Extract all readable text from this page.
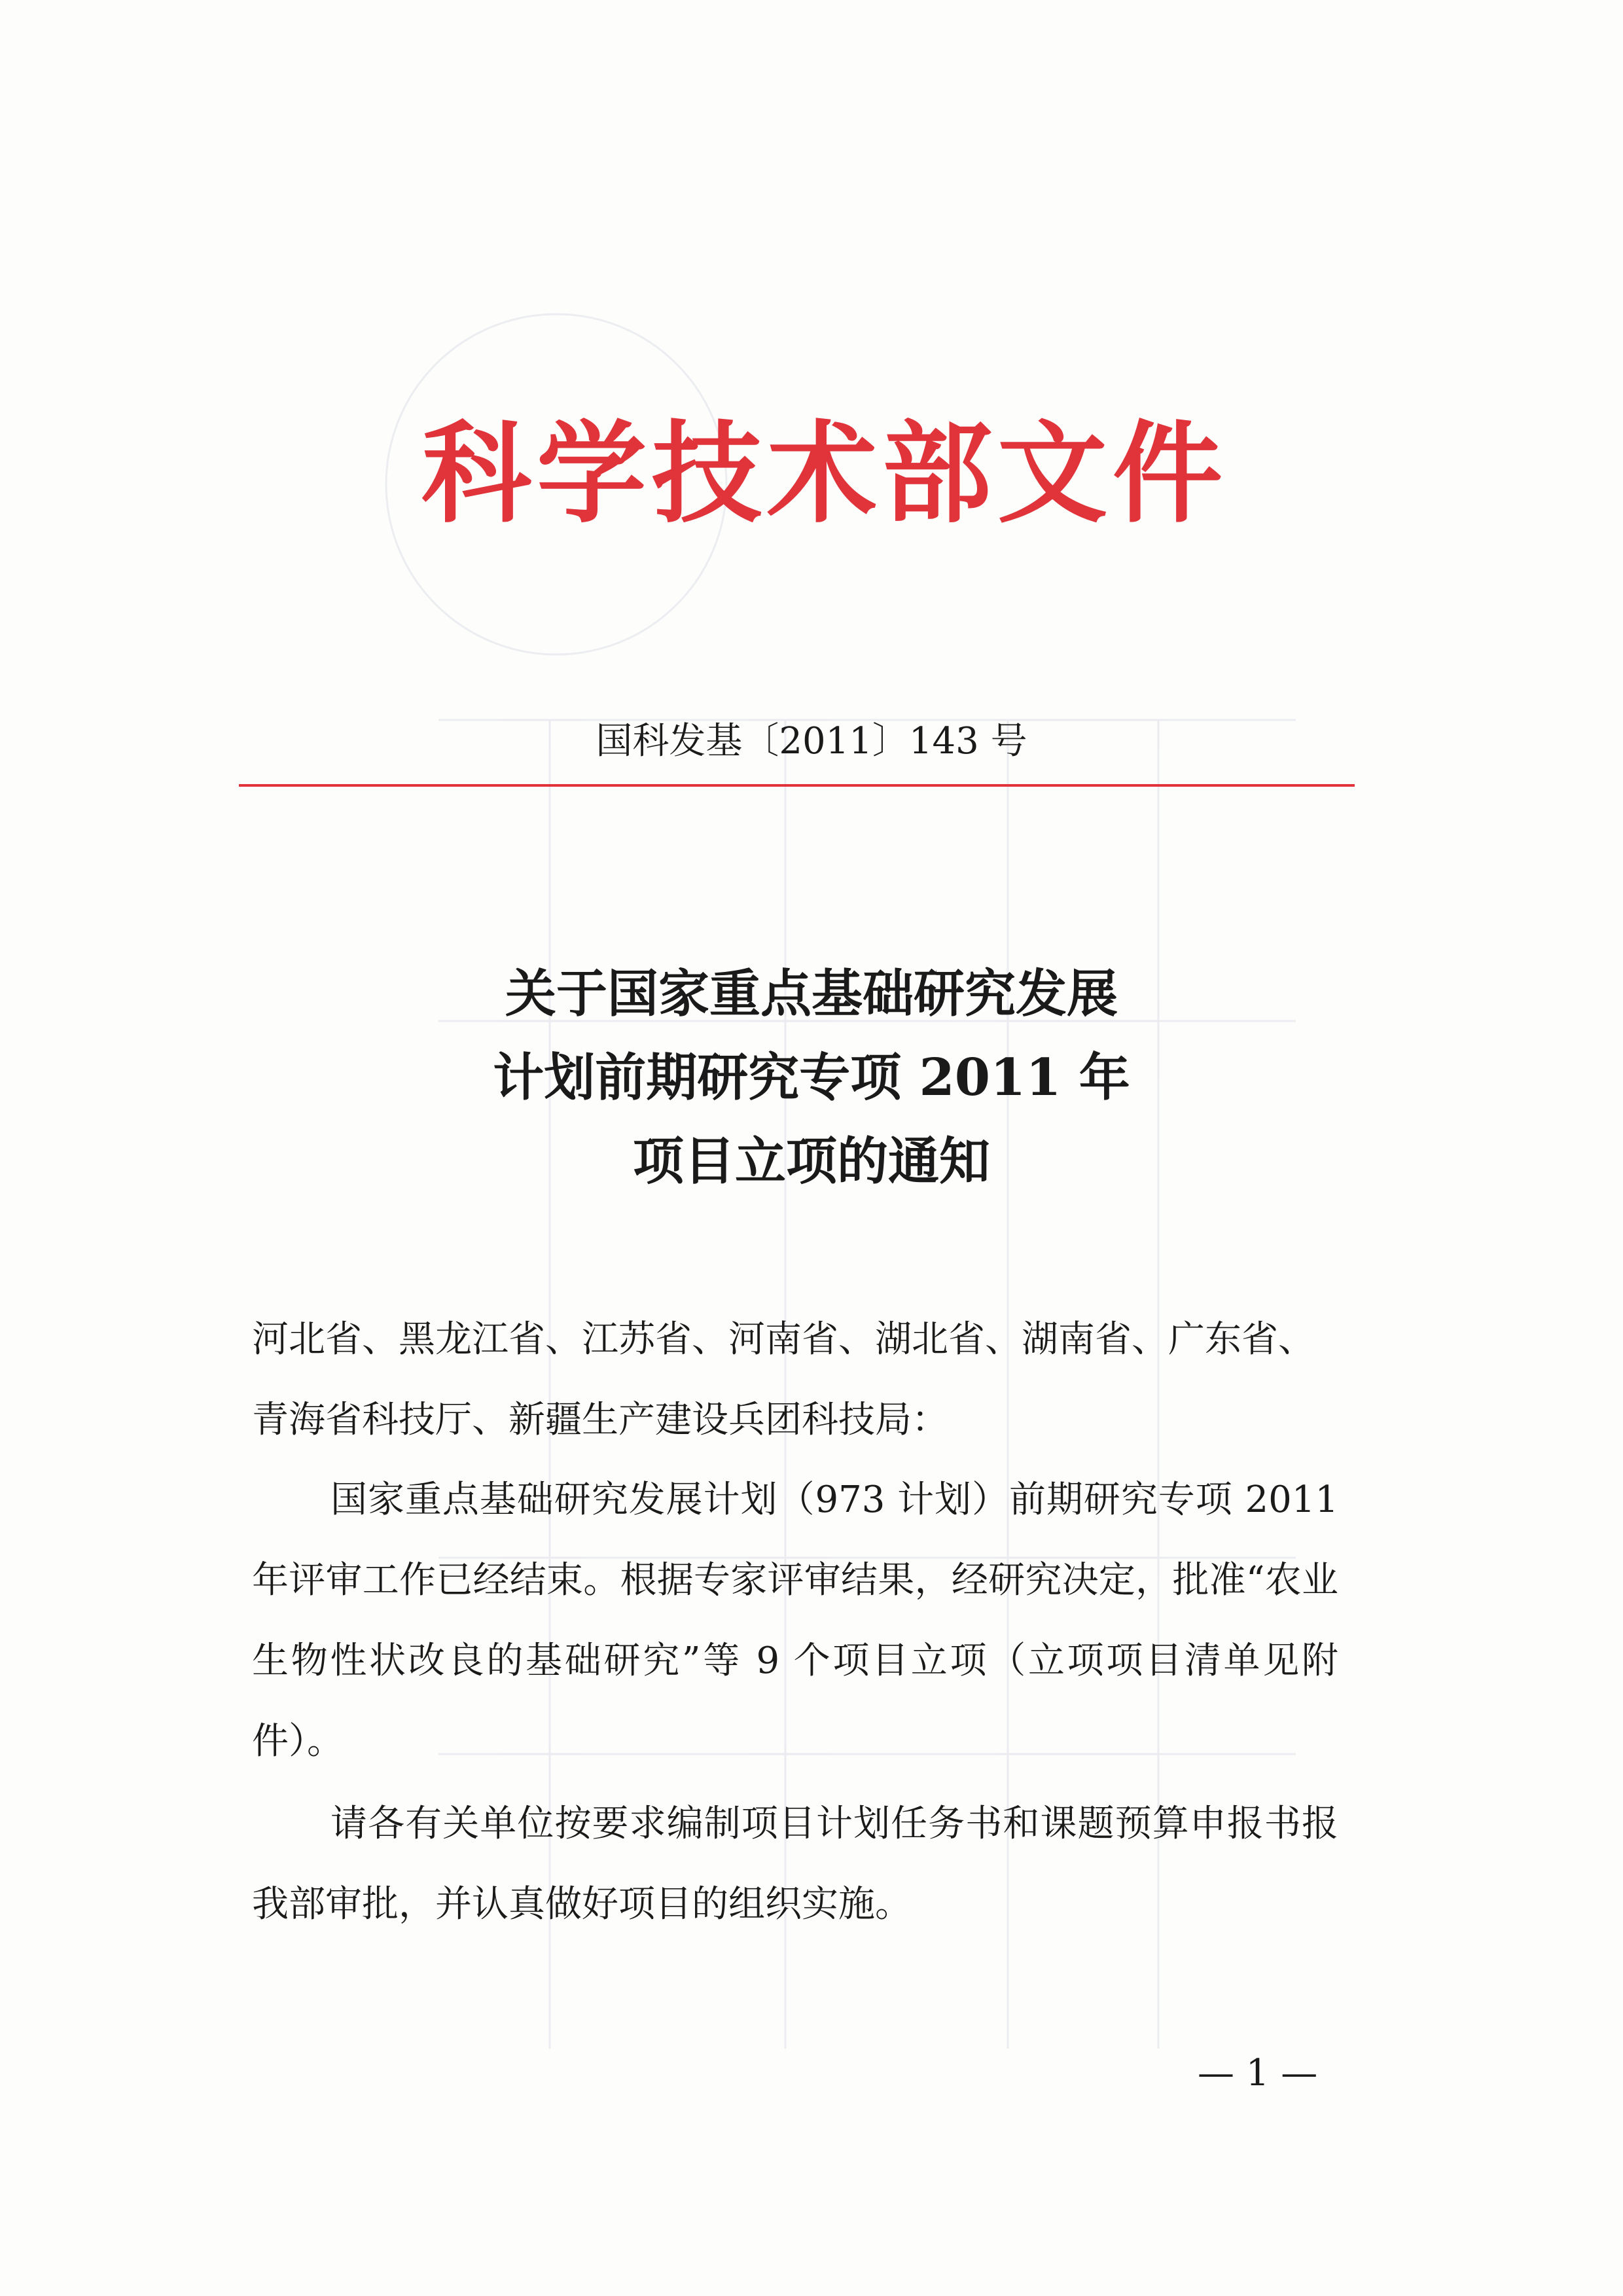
科学技术部文件
国科发基〔2011〕143 号
关于国家重点基础研究发展
计划前期研究专项 2011 年
项目立项的通知
河北省、黑龙江省、江苏省、河南省、湖北省、湖南省、广东省、
青海省科技厅、新疆生产建设兵团科技局：
国家重点基础研究发展计划（973 计划）前期研究专项 2011 年评审工作已经结束。根据专家评审结果，经研究决定，批准“农业生物性状改良的基础研究”等 9 个项目立项（立项项目清单见附件）。
请各有关单位按要求编制项目计划任务书和课题预算申报书报我部审批，并认真做好项目的组织实施。
— 1 —
